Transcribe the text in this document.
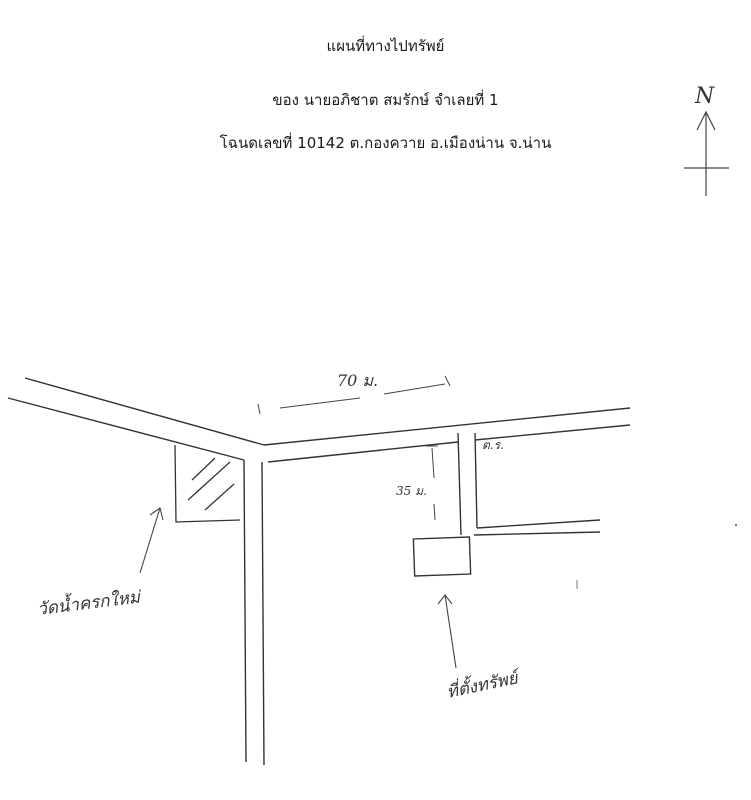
แผนที่ทางไปทรัพย์
ของ นายอภิชาต สมรักษ์ จำเลยที่ 1
โฉนดเลขที่ 10142 ต.กองควาย อ.เมืองน่าน จ.น่าน
N
70 ม.
35 ม.
ต.ร.
วัดน้ำครกใหม่
ที่ตั้งทรัพย์
